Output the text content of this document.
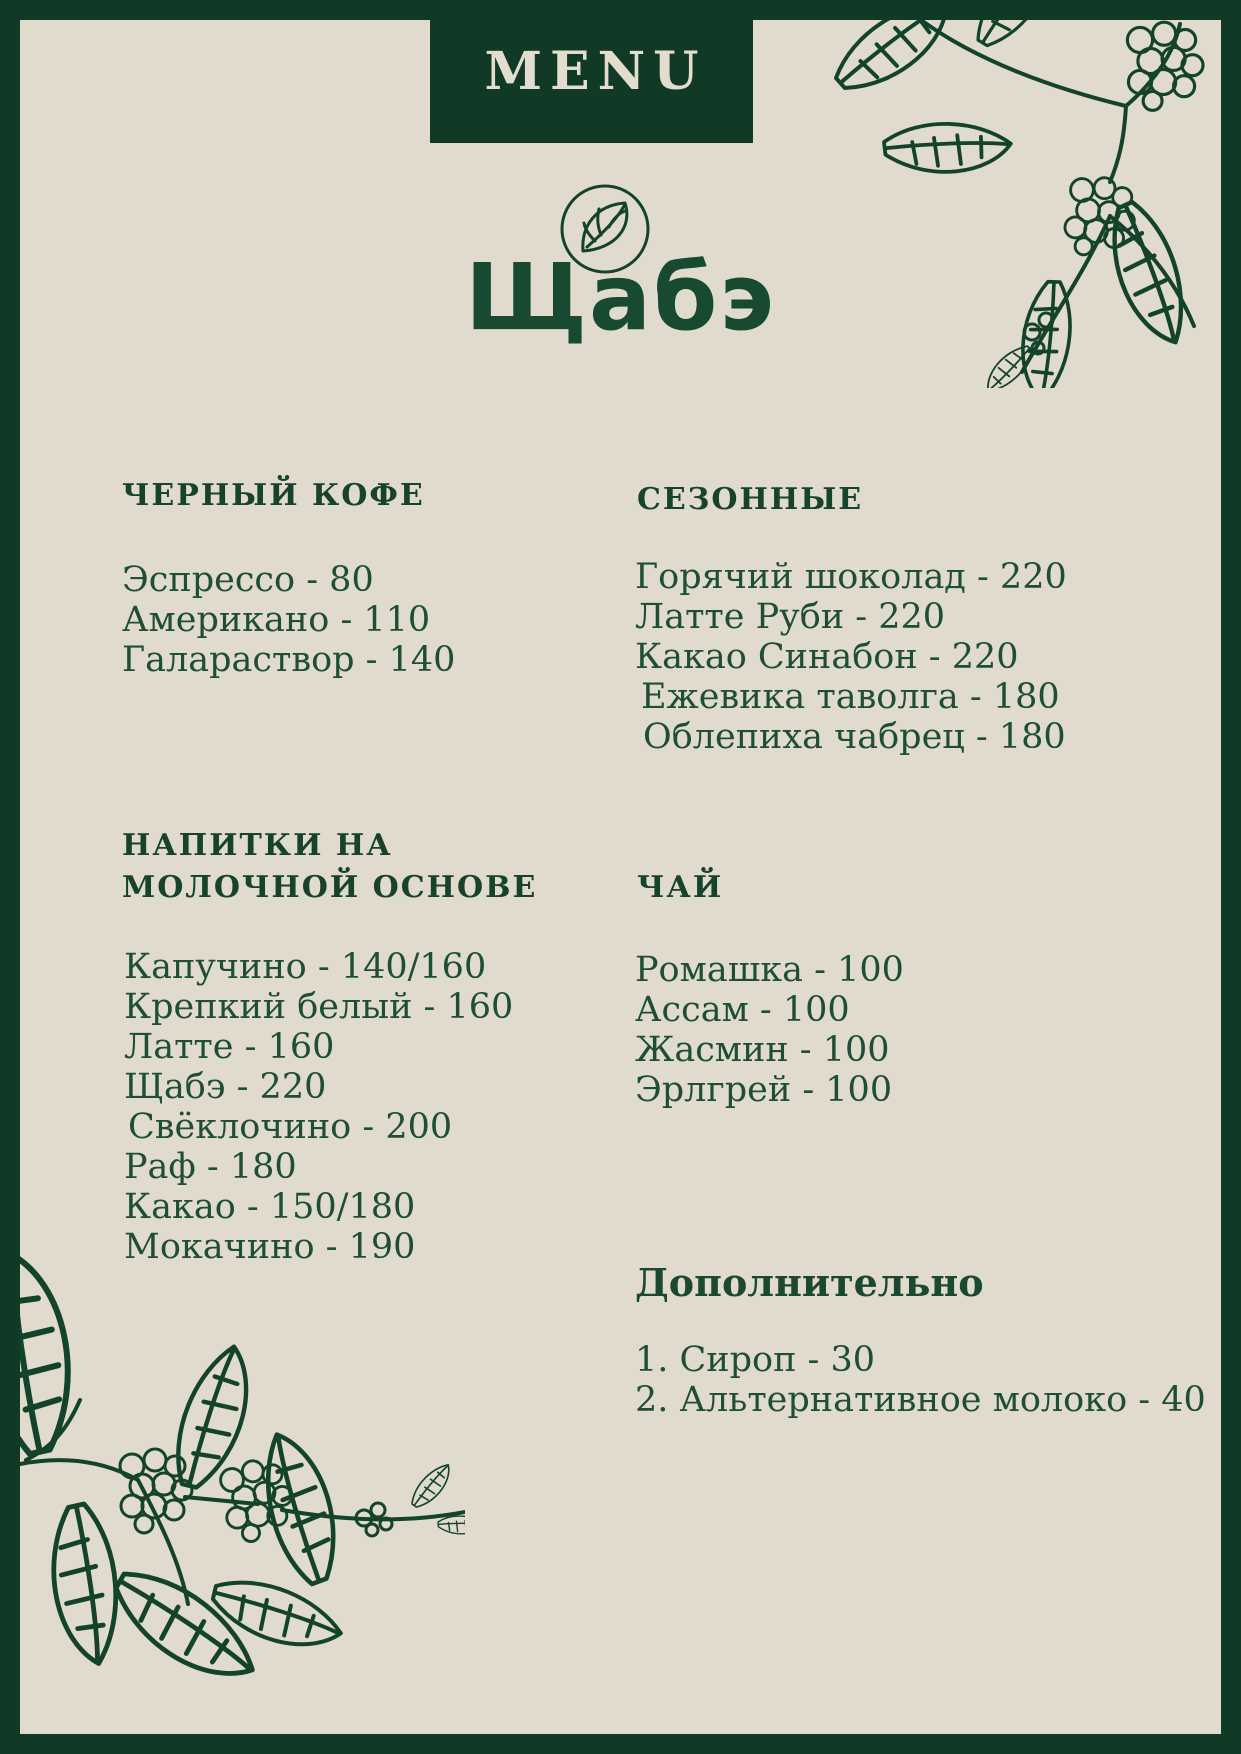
MENU
Щабэ
ЧЕРНЫЙ КОФЕ
Эспрессо - 80
Американо - 110
Галараствор - 140
СЕЗОННЫЕ
Горячий шоколад - 220
Латте Руби - 220
Какао Синабон - 220
Ежевика таволга - 180
Облепиха чабрец - 180
НАПИТКИ НА
МОЛОЧНОЙ ОСНОВЕ
Капучино - 140/160
Крепкий белый - 160
Латте - 160
Щабэ - 220
Свёклочино - 200
Раф - 180
Какао - 150/180
Мокачино - 190
ЧАЙ
Ромашка - 100
Ассам - 100
Жасмин - 100
Эрлгрей - 100
Дополнительно
1. Сироп - 30
2. Альтернативное молоко - 40
